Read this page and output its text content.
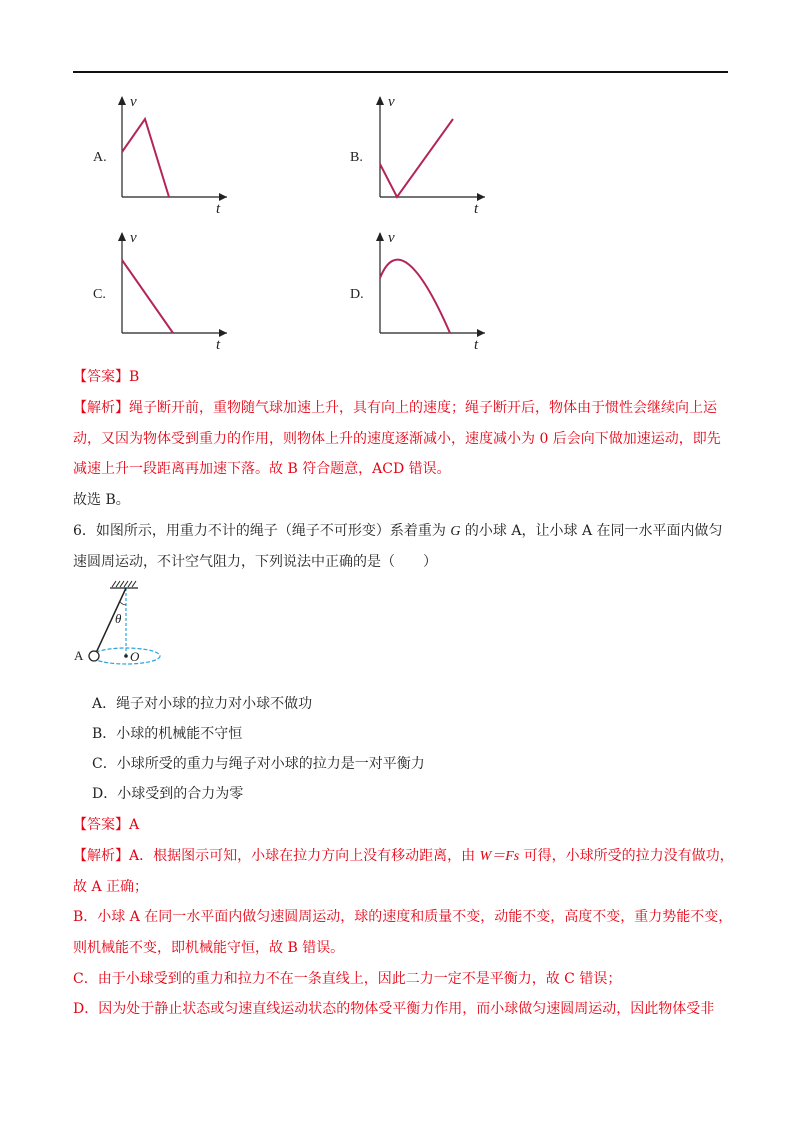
A.
v
t
B.
v
t
C.
v
t
D.
v
t
【答案】B
【解析】绳子断开前，重物随气球加速上升，具有向上的速度；绳子断开后，物体由于惯性会继续向上运
动，又因为物体受到重力的作用，则物体上升的速度逐渐减小，速度减小为 0 后会向下做加速运动，即先
减速上升一段距离再加速下落。故 B 符合题意，ACD 错误。
故选 B。
6．如图所示，用重力不计的绳子（绳子不可形变）系着重为 G 的小球 A，让小球 A 在同一水平面内做匀
速圆周运动，不计空气阻力，下列说法中正确的是（　　）
θ
A	O
A．绳子对小球的拉力对小球不做功
B．小球的机械能不守恒
C．小球所受的重力与绳子对小球的拉力是一对平衡力
D．小球受到的合力为零
【答案】A
【解析】A．根据图示可知，小球在拉力方向上没有移动距离，由 W＝Fs 可得，小球所受的拉力没有做功，
故 A 正确；
B．小球 A 在同一水平面内做匀速圆周运动，球的速度和质量不变，动能不变，高度不变，重力势能不变，
则机械能不变，即机械能守恒，故 B 错误。
C．由于小球受到的重力和拉力不在一条直线上，因此二力一定不是平衡力，故 C 错误；
D．因为处于静止状态或匀速直线运动状态的物体受平衡力作用，而小球做匀速圆周运动，因此物体受非
